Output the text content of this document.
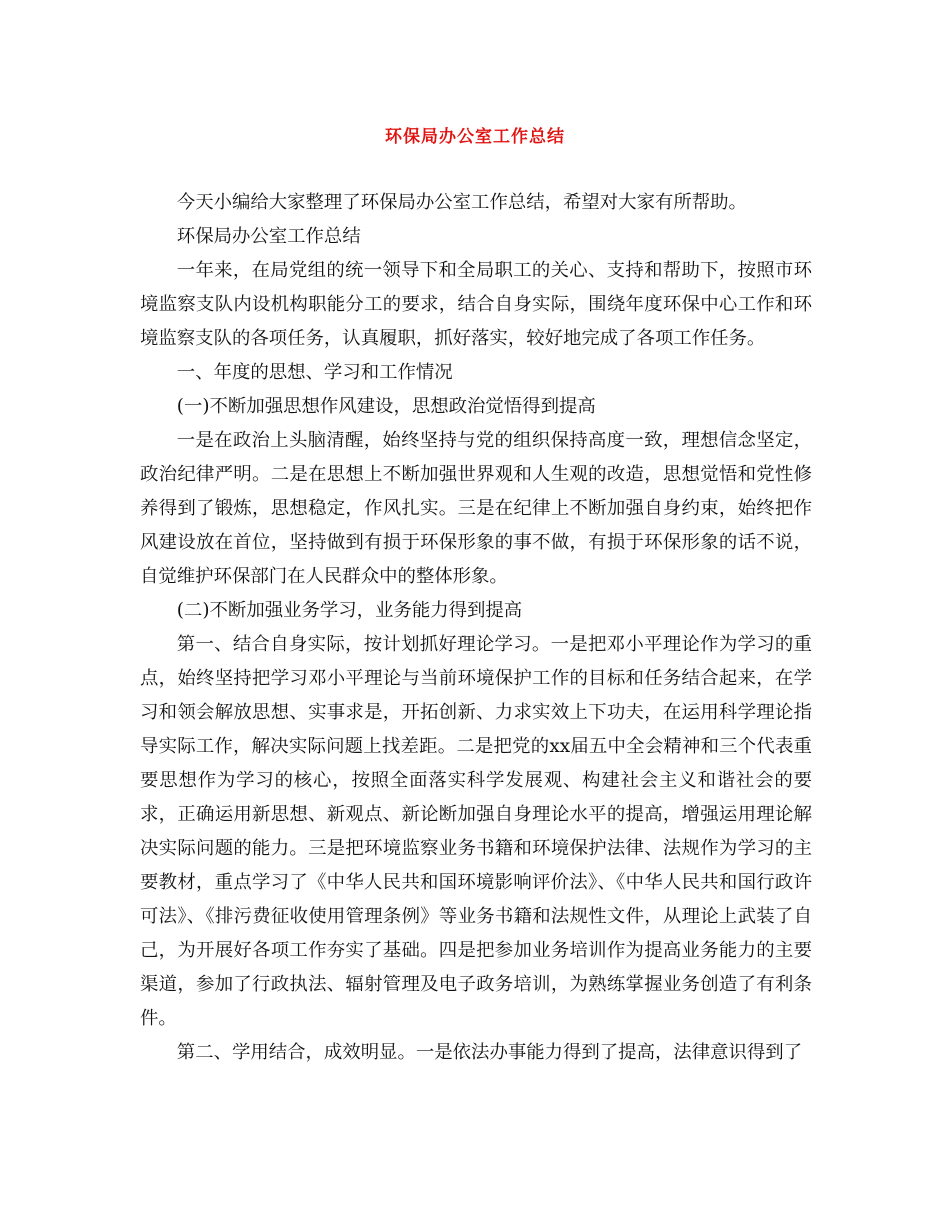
环保局办公室工作总结

今天小编给大家整理了环保局办公室工作总结，希望对大家有所帮助。

环保局办公室工作总结

一年来，在局党组的统一领导下和全局职工的关心、支持和帮助下，按照市环境监察支队内设机构职能分工的要求，结合自身实际，围绕年度环保中心工作和环境监察支队的各项任务，认真履职，抓好落实，较好地完成了各项工作任务。

一、年度的思想、学习和工作情况

(一)不断加强思想作风建设，思想政治觉悟得到提高

一是在政治上头脑清醒，始终坚持与党的组织保持高度一致，理想信念坚定，政治纪律严明。二是在思想上不断加强世界观和人生观的改造，思想觉悟和党性修养得到了锻炼，思想稳定，作风扎实。三是在纪律上不断加强自身约束，始终把作风建设放在首位，坚持做到有损于环保形象的事不做，有损于环保形象的话不说，自觉维护环保部门在人民群众中的整体形象。

(二)不断加强业务学习，业务能力得到提高

第一、结合自身实际，按计划抓好理论学习。一是把邓小平理论作为学习的重点，始终坚持把学习邓小平理论与当前环境保护工作的目标和任务结合起来，在学习和领会解放思想、实事求是，开拓创新、力求实效上下功夫，在运用科学理论指导实际工作，解决实际问题上找差距。二是把党的xx届五中全会精神和三个代表重要思想作为学习的核心，按照全面落实科学发展观、构建社会主义和谐社会的要求，正确运用新思想、新观点、新论断加强自身理论水平的提高，增强运用理论解决实际问题的能力。三是把环境监察业务书籍和环境保护法律、法规作为学习的主要教材，重点学习了《中华人民共和国环境影响评价法》、《中华人民共和国行政许可法》、《排污费征收使用管理条例》等业务书籍和法规性文件，从理论上武装了自己，为开展好各项工作夯实了基础。四是把参加业务培训作为提高业务能力的主要渠道，参加了行政执法、辐射管理及电子政务培训，为熟练掌握业务创造了有利条件。

第二、学用结合，成效明显。一是依法办事能力得到了提高，法律意识得到了
